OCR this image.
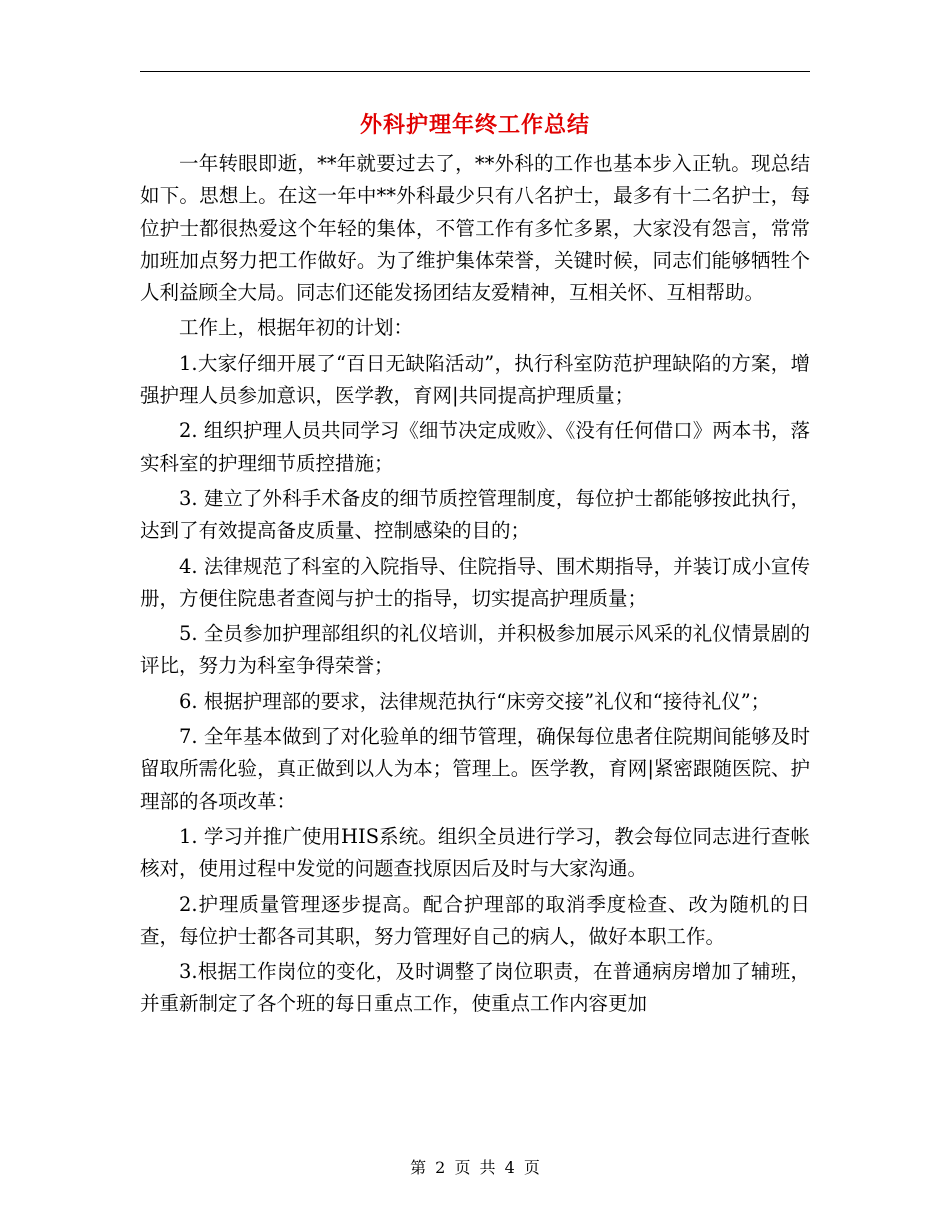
外科护理年终工作总结

一年转眼即逝，**年就要过去了，**外科的工作也基本步入正轨。现总结如下。思想上。在这一年中**外科最少只有八名护士，最多有十二名护士，每位护士都很热爱这个年轻的集体，不管工作有多忙多累，大家没有怨言，常常加班加点努力把工作做好。为了维护集体荣誉，关键时候，同志们能够牺牲个人利益顾全大局。同志们还能发扬团结友爱精神，互相关怀、互相帮助。

工作上，根据年初的计划：

1.大家仔细开展了“百日无缺陷活动”，执行科室防范护理缺陷的方案，增强护理人员参加意识，医学教，育网|共同提高护理质量；

2. 组织护理人员共同学习《细节决定成败》、《没有任何借口》两本书，落实科室的护理细节质控措施；

3. 建立了外科手术备皮的细节质控管理制度，每位护士都能够按此执行，达到了有效提高备皮质量、控制感染的目的；

4. 法律规范了科室的入院指导、住院指导、围术期指导，并装订成小宣传册，方便住院患者查阅与护士的指导，切实提高护理质量；

5. 全员参加护理部组织的礼仪培训，并积极参加展示风采的礼仪情景剧的评比，努力为科室争得荣誉；

6. 根据护理部的要求，法律规范执行“床旁交接”礼仪和“接待礼仪”；

7. 全年基本做到了对化验单的细节管理，确保每位患者住院期间能够及时留取所需化验，真正做到以人为本；管理上。医学教，育网|紧密跟随医院、护理部的各项改革：

1. 学习并推广使用HIS系统。组织全员进行学习，教会每位同志进行查帐核对，使用过程中发觉的问题查找原因后及时与大家沟通。

2.护理质量管理逐步提高。配合护理部的取消季度检查、改为随机的日查，每位护士都各司其职，努力管理好自己的病人，做好本职工作。

3.根据工作岗位的变化，及时调整了岗位职责，在普通病房增加了辅班，并重新制定了各个班的每日重点工作，使重点工作内容更加

第 2 页 共 4 页
